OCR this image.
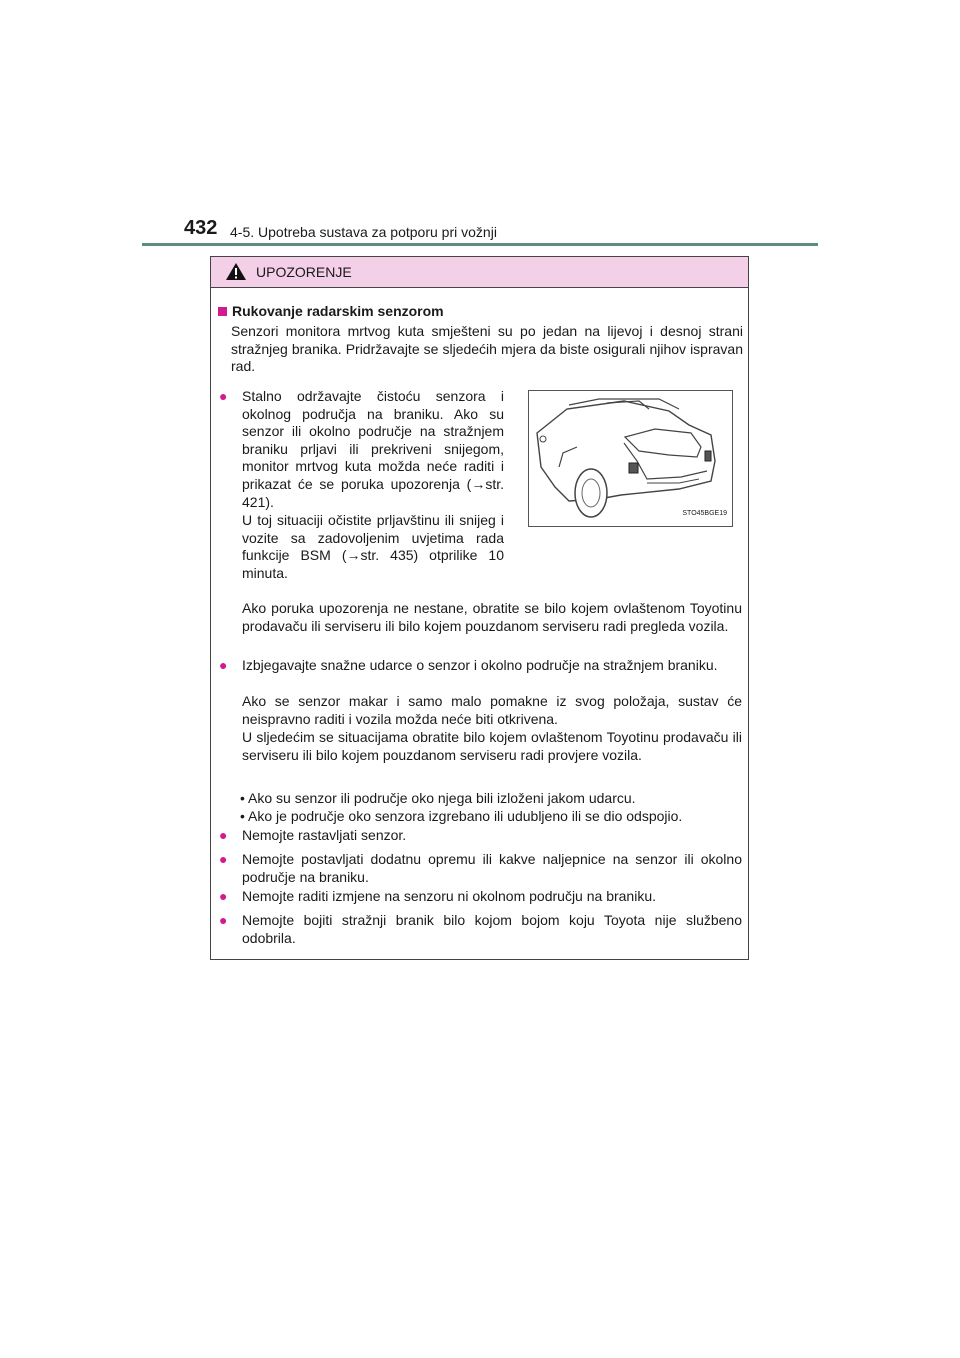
432 4-5. Upotreba sustava za potporu pri vožnji
UPOZORENJE
Rukovanje radarskim senzorom
Senzori monitora mrtvog kuta smješteni su po jedan na lijevoj i desnoj strani stražnjeg branika. Pridržavajte se sljedećih mjera da biste osigurali njihov ispravan rad.
● Stalno održavajte čistoću senzora i okolnog područja na braniku. Ako su senzor ili okolno područje na stražnjem braniku prljavi ili prekriveni snijegom, monitor mrtvog kuta možda neće raditi i prikazat će se poruka upozorenja (→str. 421).
U toj situaciji očistite prljavštinu ili snijeg i vozite sa zadovoljenim uvjetima rada funkcije BSM (→str. 435) otprilike 10 minuta.
STO45BGE19
Ako poruka upozorenja ne nestane, obratite se bilo kojem ovlaštenom Toyotinu prodavaču ili serviseru ili bilo kojem pouzdanom serviseru radi pregleda vozila.
● Izbjegavajte snažne udarce o senzor i okolno područje na stražnjem braniku.
Ako se senzor makar i samo malo pomakne iz svog položaja, sustav će neispravno raditi i vozila možda neće biti otkrivena.
U sljedećim se situacijama obratite bilo kojem ovlaštenom Toyotinu prodavaču ili serviseru ili bilo kojem pouzdanom serviseru radi provjere vozila.
• Ako su senzor ili područje oko njega bili izloženi jakom udarcu.
• Ako je područje oko senzora izgrebano ili udubljeno ili se dio odspojio.
● Nemojte rastavljati senzor.
● Nemojte postavljati dodatnu opremu ili kakve naljepnice na senzor ili okolno područje na braniku.
● Nemojte raditi izmjene na senzoru ni okolnom području na braniku.
● Nemojte bojiti stražnji branik bilo kojom bojom koju Toyota nije službeno odobrila.
